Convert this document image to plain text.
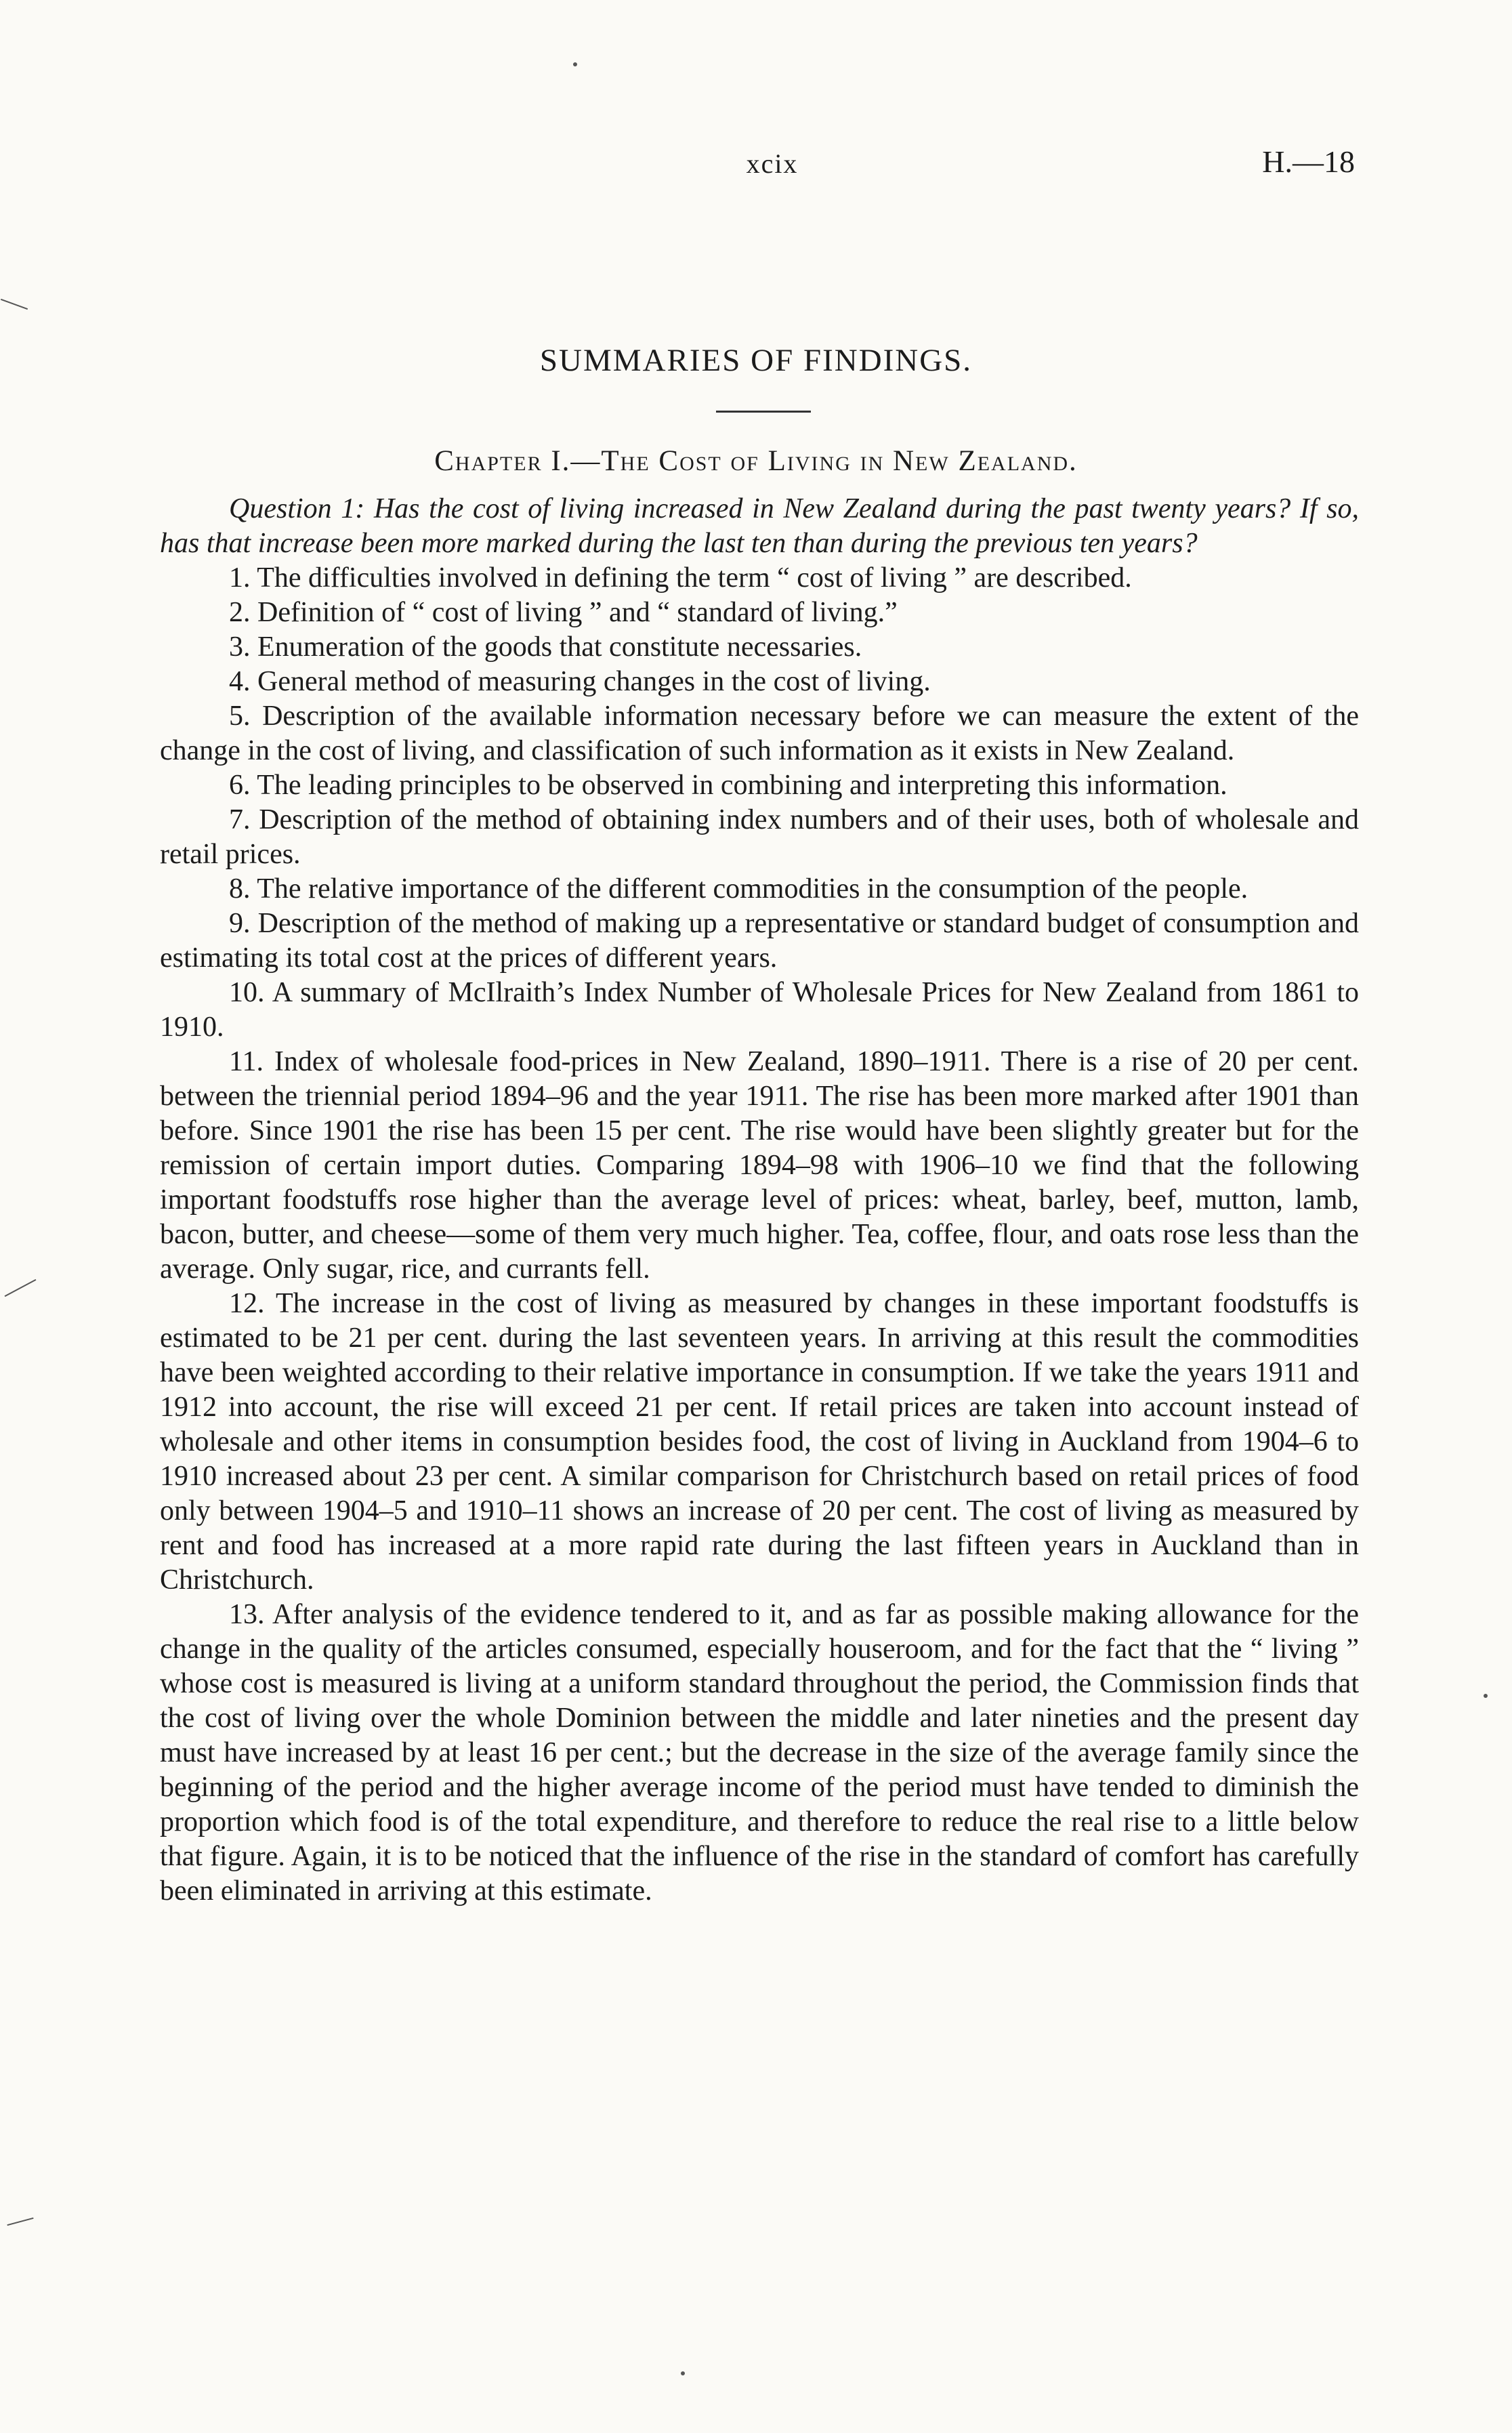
xcix	H.—18
SUMMARIES OF FINDINGS.
Chapter I.—The Cost of Living in New Zealand.

Question 1: Has the cost of living increased in New Zealand during the past twenty years? If so, has that increase been more marked during the last ten than during the previous ten years?

1. The difficulties involved in defining the term “ cost of living ” are described.

2. Definition of “ cost of living ” and “ standard of living.”

3. Enumeration of the goods that constitute necessaries.

4. General method of measuring changes in the cost of living.

5. Description of the available information necessary before we can measure the extent of the change in the cost of living, and classification of such information as it exists in New Zealand.

6. The leading principles to be observed in combining and interpreting this information.

7. Description of the method of obtaining index numbers and of their uses, both of wholesale and retail prices.

8. The relative importance of the different commodities in the consumption of the people.

9. Description of the method of making up a representative or standard budget of consumption and estimating its total cost at the prices of different years.

10. A summary of McIlraith’s Index Number of Wholesale Prices for New Zealand from 1861 to 1910.

11. Index of wholesale food-prices in New Zealand, 1890–1911. There is a rise of 20 per cent. between the triennial period 1894–96 and the year 1911. The rise has been more marked after 1901 than before. Since 1901 the rise has been 15 per cent. The rise would have been slightly greater but for the remission of certain import duties. Comparing 1894–98 with 1906–10 we find that the following important foodstuffs rose higher than the average level of prices: wheat, barley, beef, mutton, lamb, bacon, butter, and cheese—some of them very much higher. Tea, coffee, flour, and oats rose less than the average. Only sugar, rice, and currants fell.

12. The increase in the cost of living as measured by changes in these important foodstuffs is estimated to be 21 per cent. during the last seventeen years. In arriving at this result the commodities have been weighted according to their relative importance in consumption. If we take the years 1911 and 1912 into account, the rise will exceed 21 per cent. If retail prices are taken into account instead of wholesale and other items in consumption besides food, the cost of living in Auckland from 1904–6 to 1910 increased about 23 per cent. A similar comparison for Christchurch based on retail prices of food only between 1904–5 and 1910–11 shows an increase of 20 per cent. The cost of living as measured by rent and food has increased at a more rapid rate during the last fifteen years in Auckland than in Christchurch.

13. After analysis of the evidence tendered to it, and as far as possible making allowance for the change in the quality of the articles consumed, especially houseroom, and for the fact that the “ living ” whose cost is measured is living at a uniform standard throughout the period, the Commission finds that the cost of living over the whole Dominion between the middle and later nineties and the present day must have increased by at least 16 per cent.; but the decrease in the size of the average family since the beginning of the period and the higher average income of the period must have tended to diminish the proportion which food is of the total expenditure, and therefore to reduce the real rise to a little below that figure. Again, it is to be noticed that the influence of the rise in the standard of comfort has carefully been eliminated in arriving at this estimate.
